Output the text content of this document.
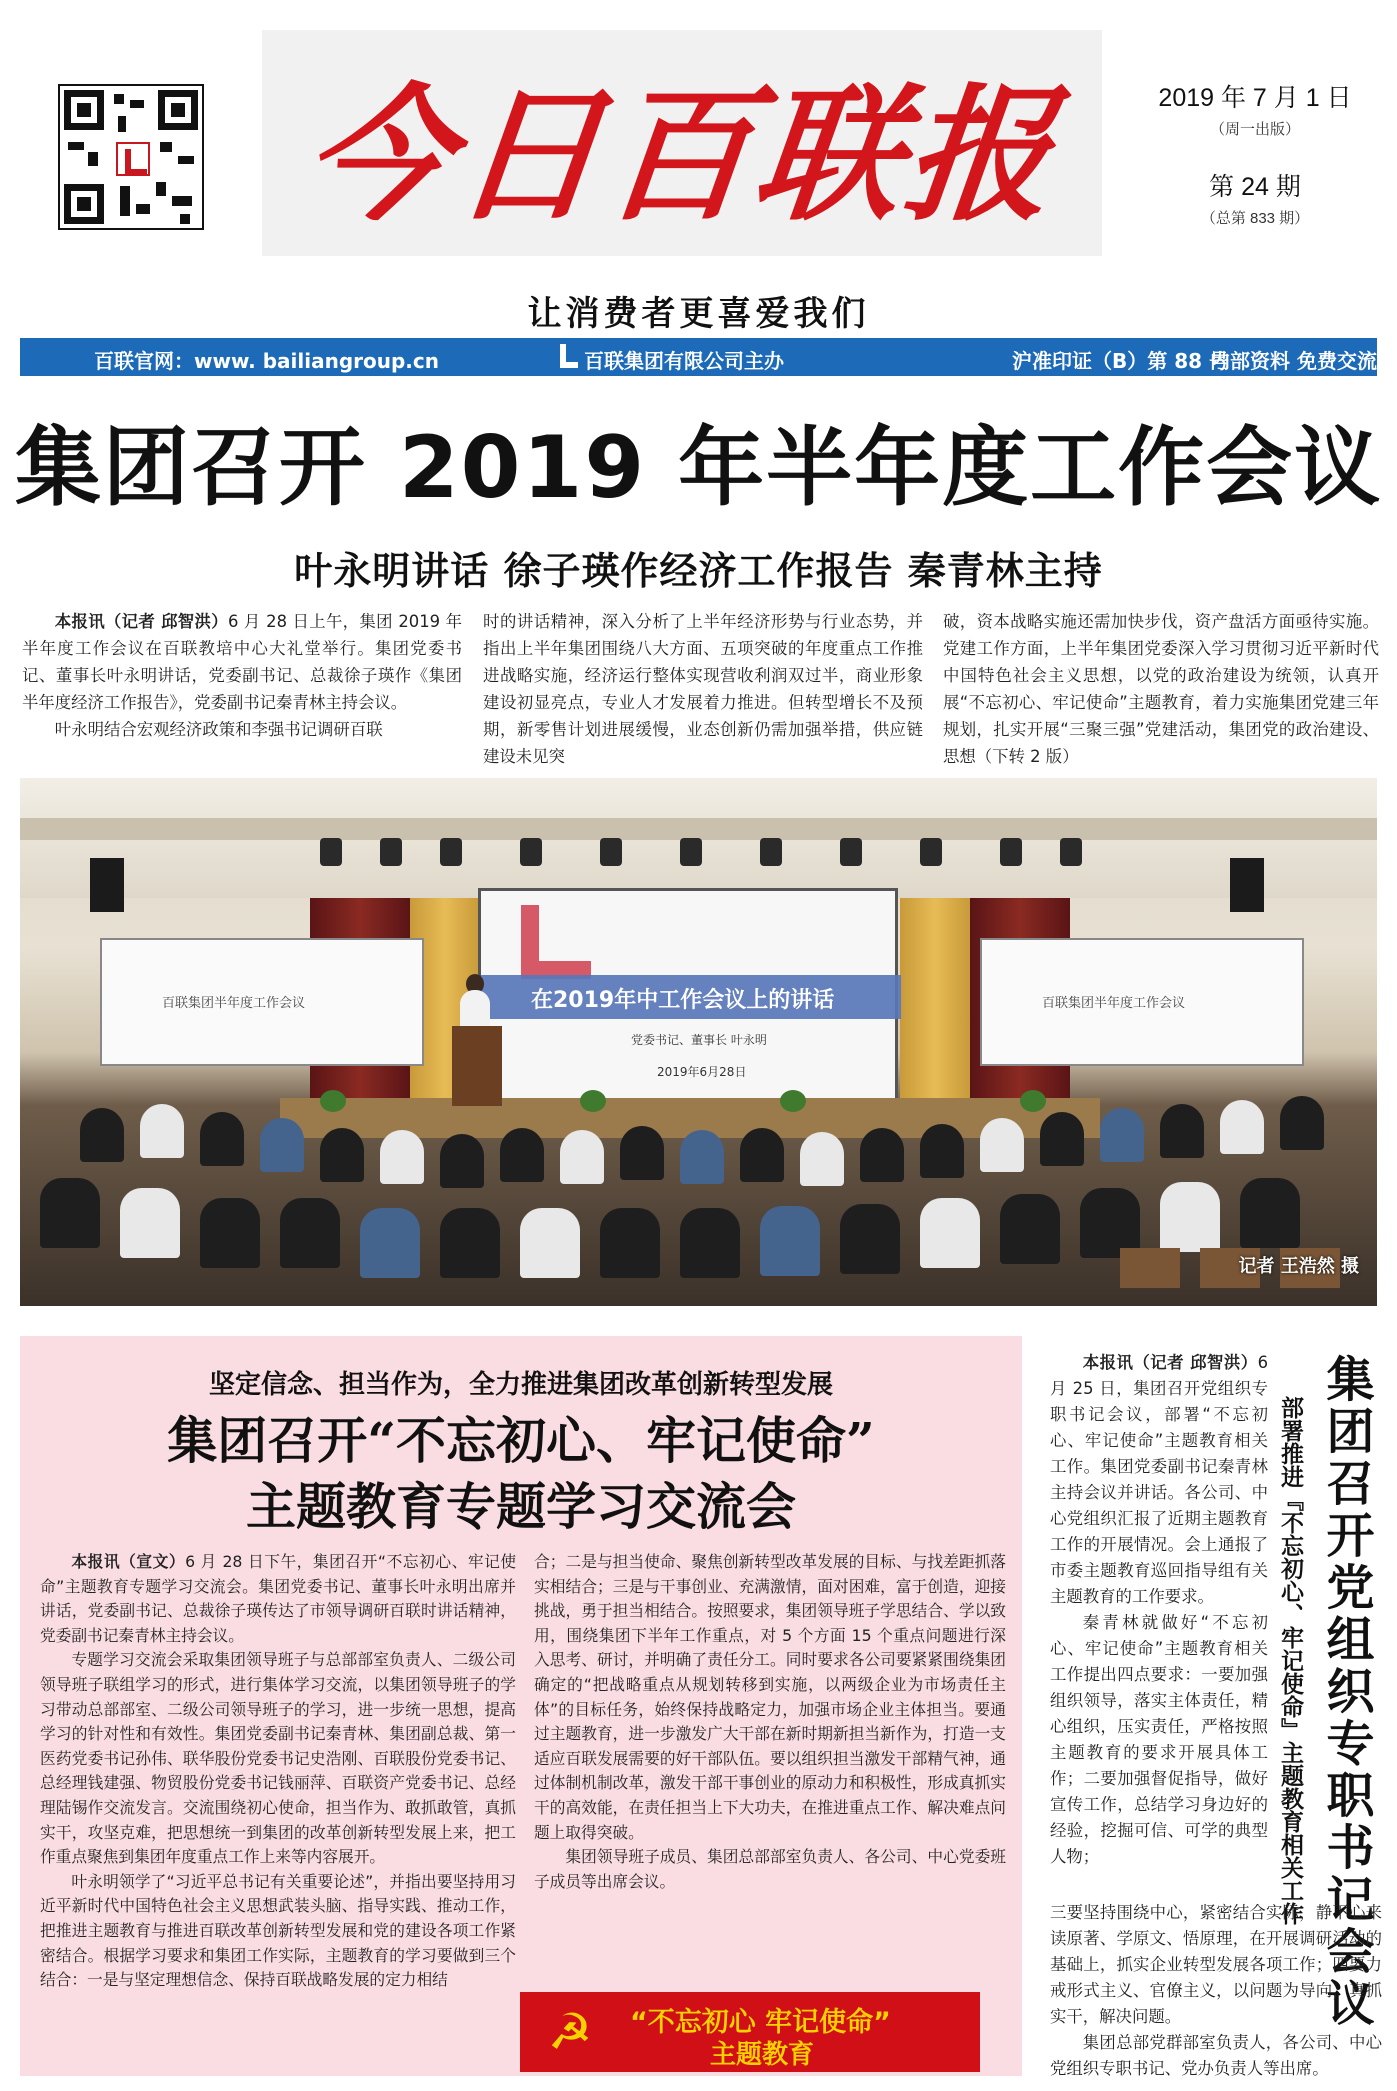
今日百联报	2019 年 7 月 1 日
（周一出版）
第 24 期
（总第 833 期）
让消费者更喜爱我们
百联官网：www. bailiangroup.cn	百联集团有限公司主办	沪准印证（B）第 88 号
内部资料 免费交流
集团召开 2019 年半年度工作会议
叶永明讲话 徐子瑛作经济工作报告 秦青林主持

本报讯（记者 邱智洪）6 月 28 日上午，集团 2019 年半年度工作会议在百联教培中心大礼堂举行。集团党委书记、董事长叶永明讲话，党委副书记、总裁徐子瑛作《集团半年度经济工作报告》，党委副书记秦青林主持会议。

叶永明结合宏观经济政策和李强书记调研百联

时的讲话精神，深入分析了上半年经济形势与行业态势，并指出上半年集团围绕八大方面、五项突破的年度重点工作推进战略实施，经济运行整体实现营收利润双过半，商业形象建设初显亮点，专业人才发展着力推进。但转型增长不及预期，新零售计划进展缓慢，业态创新仍需加强举措，供应链建设未见突
破，资本战略实施还需加快步伐，资产盘活方面亟待实施。党建工作方面，上半年集团党委深入学习贯彻习近平新时代中国特色社会主义思想，以党的政治建设为统领，认真开展“不忘初心、牢记使命”主题教育，着力实施集团党建三年规划，扎实开展“三聚三强”党建活动，集团党的政治建设、思想（下转 2 版）
百联集团半年度工作会议	百联集团半年度工作会议
在2019年中工作会议上的讲话
党委书记、董事长 叶永明
2019年6月28日
记者 王浩然 摄
坚定信念、担当作为，全力推进集团改革创新转型发展
集团召开“不忘初心、牢记使命”
主题教育专题学习交流会

本报讯（宣文）6 月 28 日下午，集团召开“不忘初心、牢记使命”主题教育专题学习交流会。集团党委书记、董事长叶永明出席并讲话，党委副书记、总裁徐子瑛传达了市领导调研百联时讲话精神，党委副书记秦青林主持会议。

专题学习交流会采取集团领导班子与总部部室负责人、二级公司领导班子联组学习的形式，进行集体学习交流，以集团领导班子的学习带动总部部室、二级公司领导班子的学习，进一步统一思想，提高学习的针对性和有效性。集团党委副书记秦青林、集团副总裁、第一医药党委书记孙伟、联华股份党委书记史浩刚、百联股份党委书记、总经理钱建强、物贸股份党委书记钱丽萍、百联资产党委书记、总经理陆锡作交流发言。交流围绕初心使命，担当作为、敢抓敢管，真抓实干，攻坚克难，把思想统一到集团的改革创新转型发展上来，把工作重点聚焦到集团年度重点工作上来等内容展开。

叶永明领学了“习近平总书记有关重要论述”，并指出要坚持用习近平新时代中国特色社会主义思想武装头脑、指导实践、推动工作，把推进主题教育与推进百联改革创新转型发展和党的建设各项工作紧密结合。根据学习要求和集团工作实际，主题教育的学习要做到三个结合：一是与坚定理想信念、保持百联战略发展的定力相结

合；二是与担当使命、聚焦创新转型改革发展的目标、与找差距抓落实相结合；三是与干事创业、充满激情，面对困难，富于创造，迎接挑战，勇于担当相结合。按照要求，集团领导班子学思结合、学以致用，围绕集团下半年工作重点，对 5 个方面 15 个重点问题进行深入思考、研讨，并明确了责任分工。同时要求各公司要紧紧围绕集团确定的“把战略重点从规划转移到实施，以两级企业为市场责任主体”的目标任务，始终保持战略定力，加强市场企业主体担当。要通过主题教育，进一步激发广大干部在新时期新担当新作为，打造一支适应百联发展需要的好干部队伍。要以组织担当激发干部精气神，通过体制机制改革，激发干部干事创业的原动力和积极性，形成真抓实干的高效能，在责任担当上下大功夫，在推进重点工作、解决难点问题上取得突破。

集团领导班子成员、集团总部部室负责人、各公司、中心党委班子成员等出席会议。

☭ “不忘初心 牢记使命”
主题教育
集团召开党组织专职书记会议
部署推进『不忘初心、牢记使命』主题教育相关工作

本报讯（记者 邱智洪）6 月 25 日，集团召开党组织专职书记会议，部署“不忘初心、牢记使命”主题教育相关工作。集团党委副书记秦青林主持会议并讲话。各公司、中心党组织汇报了近期主题教育工作的开展情况。会上通报了市委主题教育巡回指导组有关主题教育的工作要求。

秦青林就做好“不忘初心、牢记使命”主题教育相关工作提出四点要求：一要加强组织领导，落实主体责任，精心组织，压实责任，严格按照主题教育的要求开展具体工作；二要加强督促指导，做好宣传工作，总结学习身边好的经验，挖掘可信、可学的典型人物；

三要坚持围绕中心，紧密结合实际，静下心来读原著、学原文、悟原理，在开展调研活动的基础上，抓实企业转型发展各项工作；四要力戒形式主义、官僚主义，以问题为导向，真抓实干，解决问题。

集团总部党群部室负责人，各公司、中心党组织专职书记、党办负责人等出席。
